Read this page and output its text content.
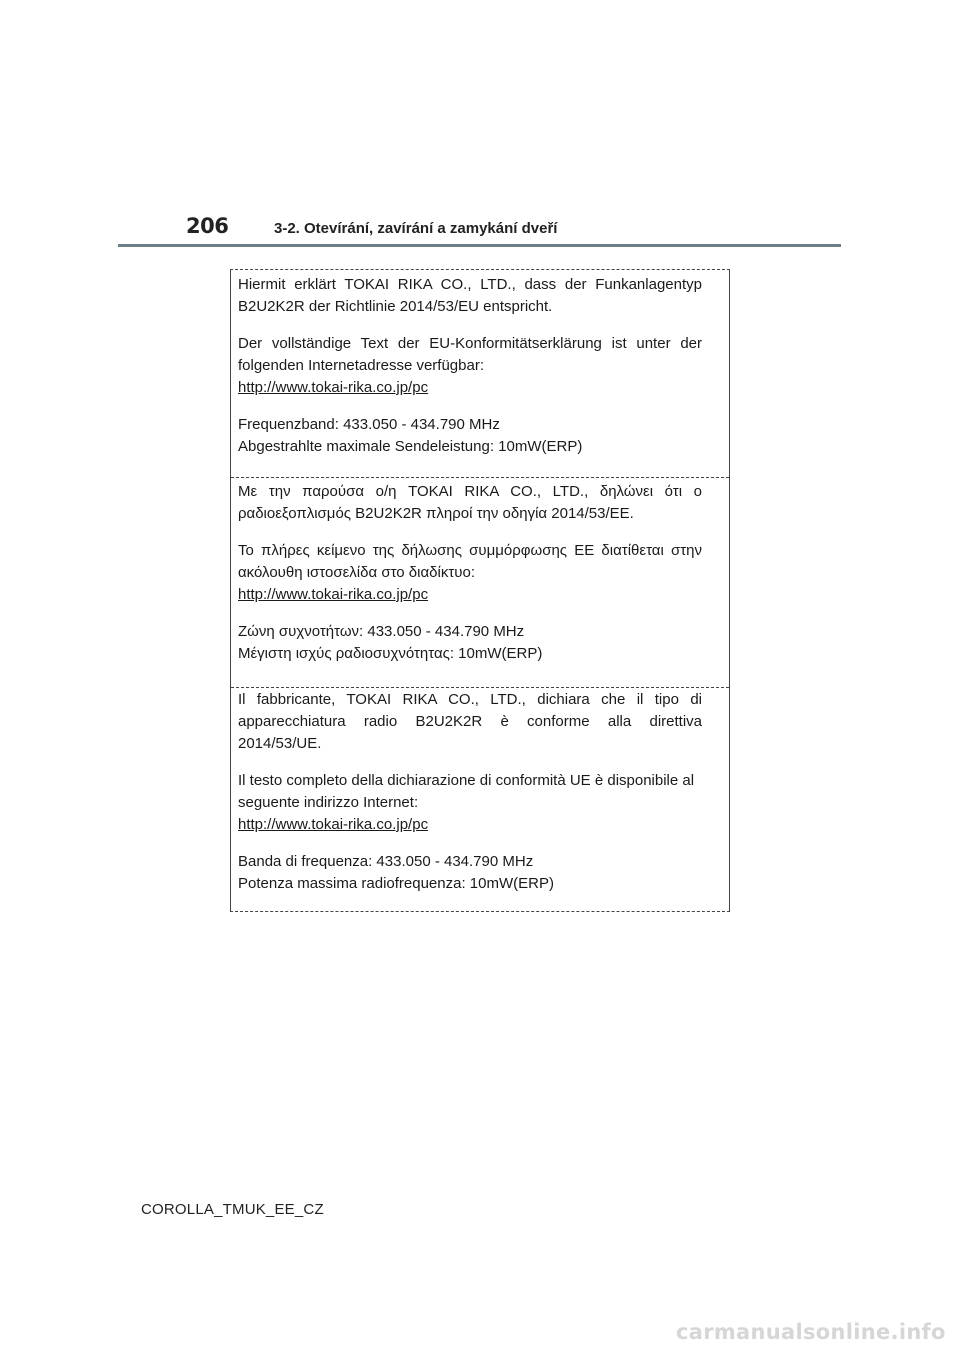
206	3-2. Otevírání, zavírání a zamykání dveří

Hiermit erklärt TOKAI RIKA CO., LTD., dass der Funkanlagentyp

B2U2K2R der Richtlinie 2014/53/EU entspricht.

Der vollständige Text der EU-Konformitätserklärung ist unter der

folgenden Internetadresse verfügbar:

http://www.tokai-rika.co.jp/pc

Frequenzband: 433.050 - 434.790 MHz

Abgestrahlte maximale Sendeleistung: 10mW(ERP)

Με την παρούσα ο/η TOKAI RIKA CO., LTD., δηλώνει ότι ο

ραδιοεξοπλισμός B2U2K2R πληροί την οδηγία 2014/53/ΕΕ.

Το πλήρες κείμενο της δήλωσης συμμόρφωσης ΕΕ διατίθεται στην

ακόλουθη ιστοσελίδα στο διαδίκτυο:

http://www.tokai-rika.co.jp/pc

Ζώνη συχνοτήτων: 433.050 - 434.790 MHz

Μέγιστη ισχύς ραδιοσυχνότητας: 10mW(ERP)

Il fabbricante, TOKAI RIKA CO., LTD., dichiara che il tipo di

apparecchiatura radio B2U2K2R è conforme alla direttiva

2014/53/UE.

Il testo completo della dichiarazione di conformità UE è disponibile al

seguente indirizzo Internet:

http://www.tokai-rika.co.jp/pc

Banda di frequenza: 433.050 - 434.790 MHz

Potenza massima radiofrequenza: 10mW(ERP)

COROLLA_TMUK_EE_CZ
carmanualsonline.info
